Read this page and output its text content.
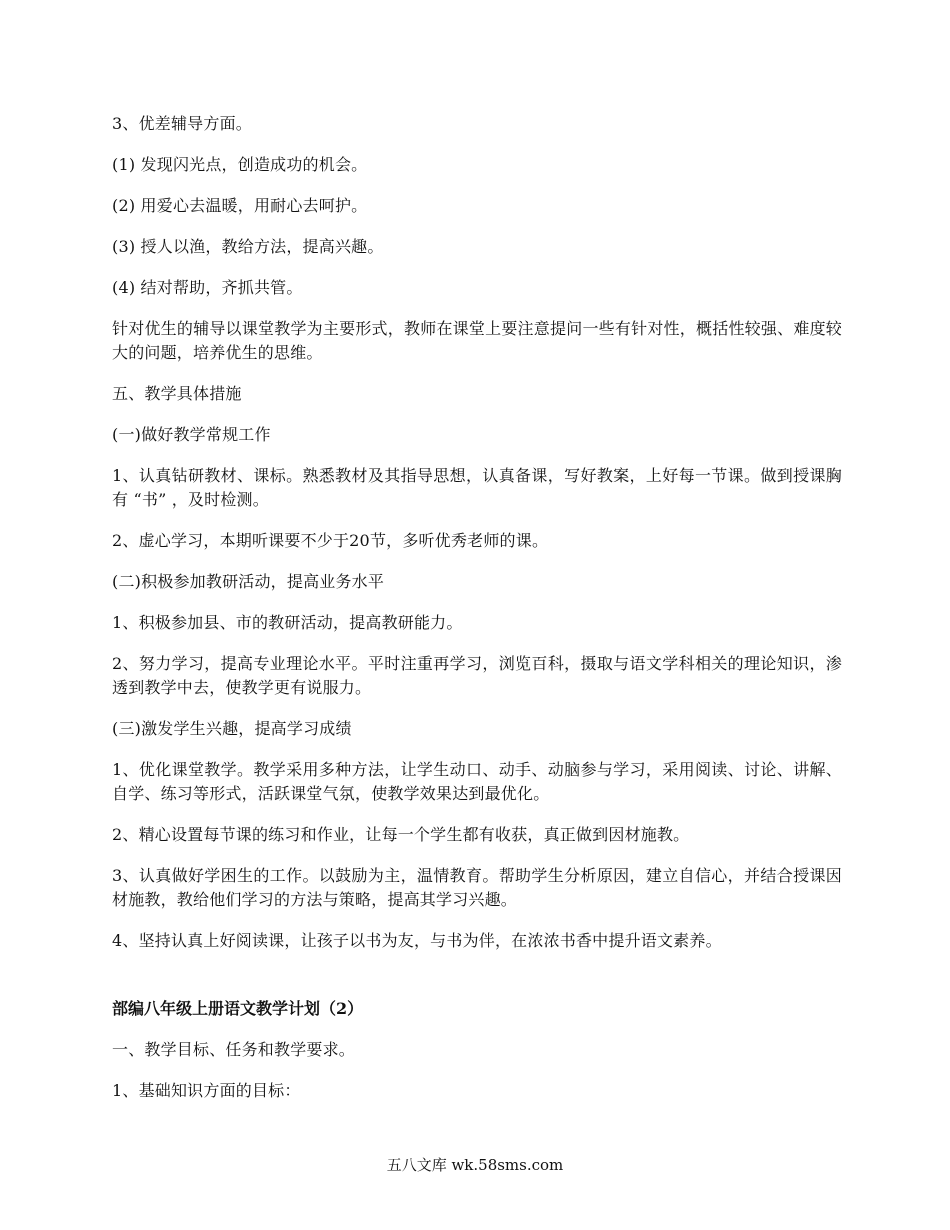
3、优差辅导方面。

(1) 发现闪光点，创造成功的机会。

(2) 用爱心去温暖，用耐心去呵护。

(3) 授人以渔，教给方法，提高兴趣。

(4) 结对帮助，齐抓共管。

针对优生的辅导以课堂教学为主要形式，教师在课堂上要注意提问一些有针对性，概括性较强、难度较大的问题，培养优生的思维。

五、教学具体措施

(一)做好教学常规工作

1、认真钻研教材、课标。熟悉教材及其指导思想，认真备课，写好教案，上好每一节课。做到授课胸有 “书” ，及时检测。

2、虚心学习，本期听课要不少于20节，多听优秀老师的课。

(二)积极参加教研活动，提高业务水平

1、积极参加县、市的教研活动，提高教研能力。

2、努力学习，提高专业理论水平。平时注重再学习，浏览百科，摄取与语文学科相关的理论知识，渗透到教学中去，使教学更有说服力。

(三)激发学生兴趣，提高学习成绩

1、优化课堂教学。教学采用多种方法，让学生动口、动手、动脑参与学习，采用阅读、讨论、讲解、自学、练习等形式，活跃课堂气氛，使教学效果达到最优化。

2、精心设置每节课的练习和作业，让每一个学生都有收获，真正做到因材施教。

3、认真做好学困生的工作。以鼓励为主，温情教育。帮助学生分析原因，建立自信心，并结合授课因材施教，教给他们学习的方法与策略，提高其学习兴趣。

4、坚持认真上好阅读课，让孩子以书为友，与书为伴，在浓浓书香中提升语文素养。

部编八年级上册语文教学计划（2）

一、教学目标、任务和教学要求。

1、基础知识方面的目标：

五八文库 wk.58sms.com
